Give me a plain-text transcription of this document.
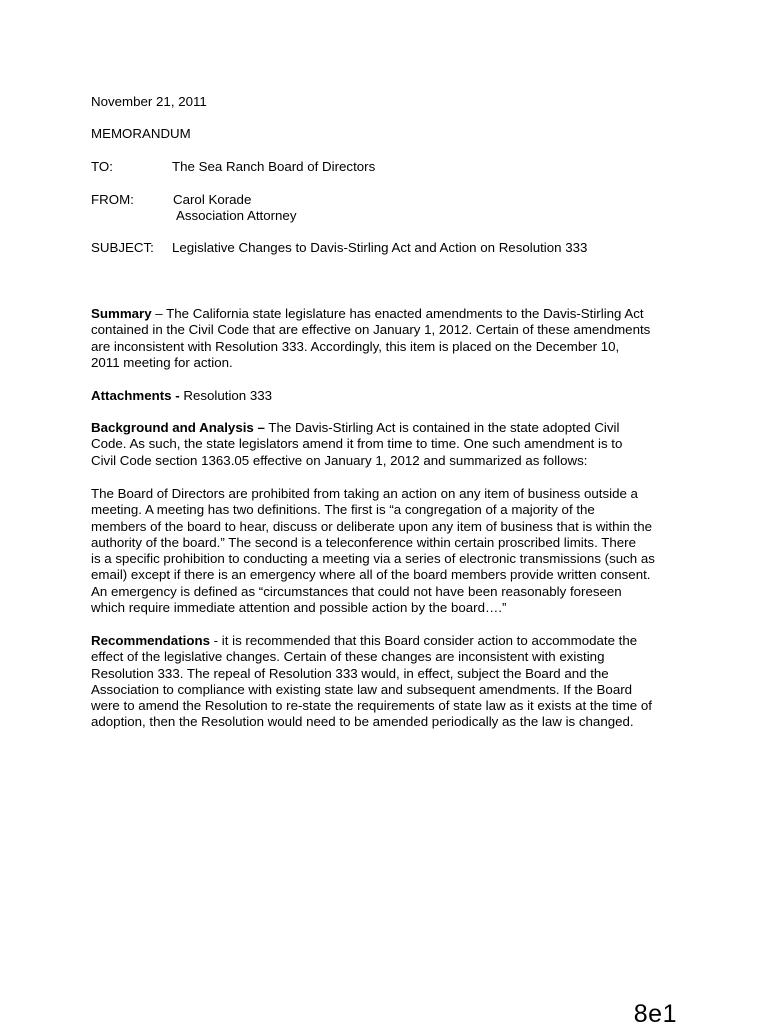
November 21, 2011
MEMORANDUM
TO:	The Sea Ranch Board of Directors
FROM:	Carol Korade
Association Attorney
SUBJECT: Legislative Changes to Davis-Stirling Act and Action on Resolution 333
Summary – The California state legislature has enacted amendments to the Davis-Stirling Act
contained in the Civil Code that are effective on January 1, 2012. Certain of these amendments
are inconsistent with Resolution 333. Accordingly, this item is placed on the December 10,
2011 meeting for action.
Attachments - Resolution 333
Background and Analysis – The Davis-Stirling Act is contained in the state adopted Civil
Code. As such, the state legislators amend it from time to time. One such amendment is to
Civil Code section 1363.05 effective on January 1, 2012 and summarized as follows:
The Board of Directors are prohibited from taking an action on any item of business outside a
meeting. A meeting has two definitions. The first is “a congregation of a majority of the
members of the board to hear, discuss or deliberate upon any item of business that is within the
authority of the board.” The second is a teleconference within certain proscribed limits. There
is a specific prohibition to conducting a meeting via a series of electronic transmissions (such as
email) except if there is an emergency where all of the board members provide written consent.
An emergency is defined as “circumstances that could not have been reasonably foreseen
which require immediate attention and possible action by the board….”
Recommendations - it is recommended that this Board consider action to accommodate the
effect of the legislative changes. Certain of these changes are inconsistent with existing
Resolution 333. The repeal of Resolution 333 would, in effect, subject the Board and the
Association to compliance with existing state law and subsequent amendments. If the Board
were to amend the Resolution to re-state the requirements of state law as it exists at the time of
adoption, then the Resolution would need to be amended periodically as the law is changed.
8e1
